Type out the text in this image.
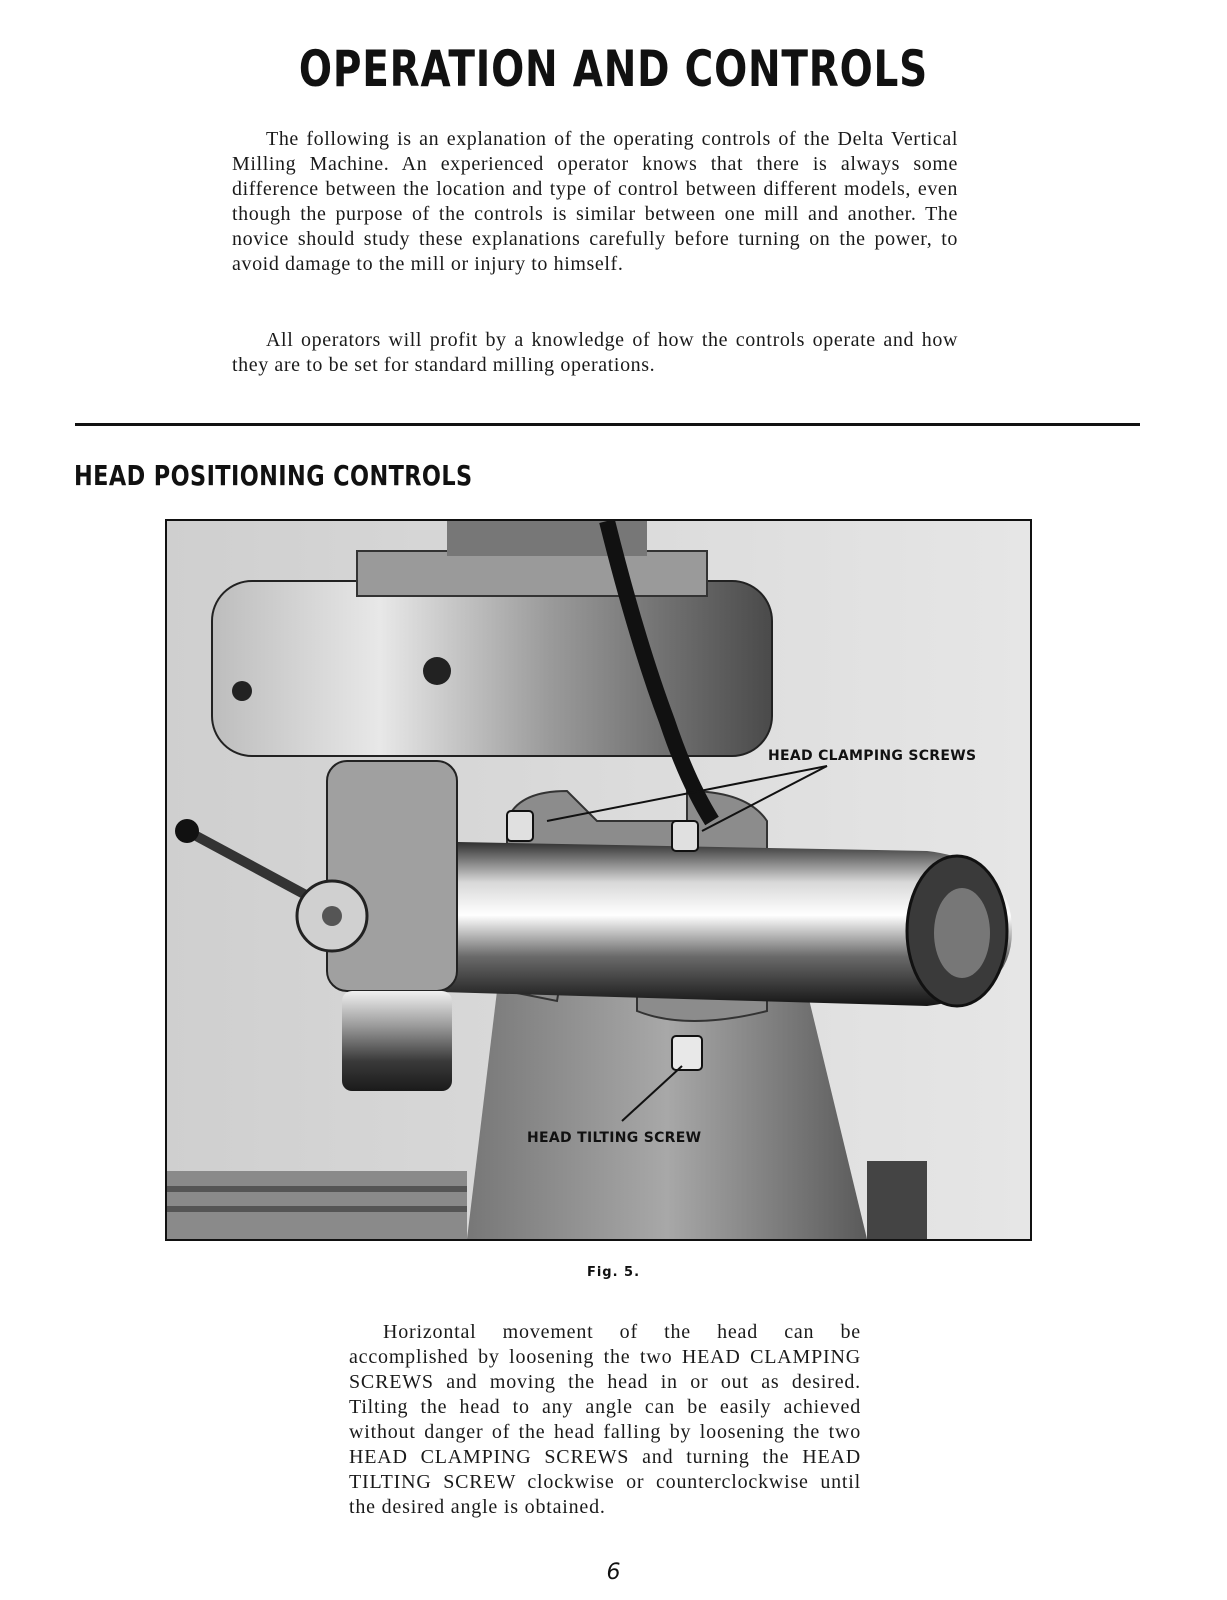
OPERATION AND CONTROLS

The following is an explanation of the operating controls of the Delta Vertical Milling Machine. An experienced operator knows that there is always some difference between the location and type of control between different models, even though the purpose of the controls is similar between one mill and another. The novice should study these explanations carefully before turning on the power, to avoid damage to the mill or injury to himself.

All operators will profit by a knowledge of how the controls operate and how they are to be set for standard milling operations.

HEAD POSITIONING CONTROLS
HEAD CLAMPING SCREWS
HEAD TILTING SCREW
Fig. 5.

Horizontal movement of the head can be accomplished by loosening the two HEAD CLAMPING SCREWS and moving the head in or out as desired. Tilting the head to any angle can be easily achieved without danger of the head falling by loosening the two HEAD CLAMPING SCREWS and turning the HEAD TILTING SCREW clockwise or counterclockwise until the desired angle is obtained.

6
